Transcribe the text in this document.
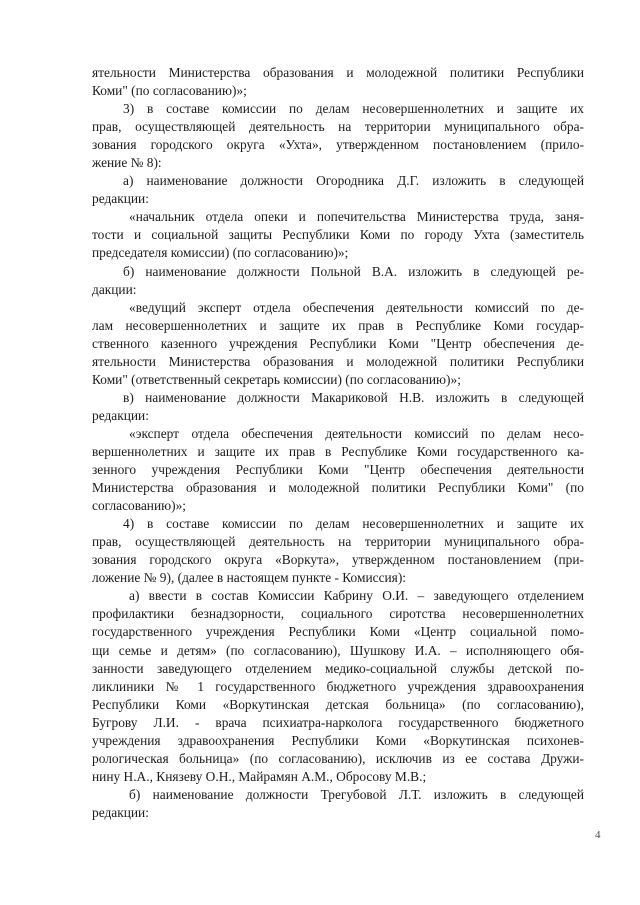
ятельности Министерства образования и молодежной политики Республики
Коми" (по согласованию)»;
3) в составе комиссии по делам несовершеннолетних и защите их
прав, осуществляющей деятельность на территории муниципального обра-
зования городского округа «Ухта», утвержденном постановлением (прило-
жение № 8):
а) наименование должности Огородника Д.Г. изложить в следующей
редакции:
«начальник отдела опеки и попечительства Министерства труда, заня-
тости и социальной защиты Республики Коми по городу Ухта (заместитель
председателя комиссии) (по согласованию)»;
б) наименование должности Польной В.А. изложить в следующей ре-
дакции:
«ведущий эксперт отдела обеспечения деятельности комиссий по де-
лам несовершеннолетних и защите их прав в Республике Коми государ-
ственного казенного учреждения Республики Коми "Центр обеспечения де-
ятельности Министерства образования и молодежной политики Республики
Коми" (ответственный секретарь комиссии) (по согласованию)»;
в) наименование должности Макариковой Н.В. изложить в следующей
редакции:
«эксперт отдела обеспечения деятельности комиссий по делам несо-
вершеннолетних и защите их прав в Республике Коми государственного ка-
зенного учреждения Республики Коми "Центр обеспечения деятельности
Министерства образования и молодежной политики Республики Коми" (по
согласованию)»;
4) в составе комиссии по делам несовершеннолетних и защите их
прав, осуществляющей деятельность на территории муниципального обра-
зования городского округа «Воркута», утвержденном постановлением (при-
ложение № 9), (далее в настоящем пункте - Комиссия):
а) ввести в состав Комиссии Кабрину О.И. – заведующего отделением
профилактики безнадзорности, социального сиротства несовершеннолетних
государственного учреждения Республики Коми «Центр социальной помо-
щи семье и детям» (по согласованию), Шушкову И.А. – исполняющего обя-
занности заведующего отделением медико-социальной службы детской по-
ликлиники № 1 государственного бюджетного учреждения здравоохранения
Республики Коми «Воркутинская детская больница» (по согласованию),
Бугрову Л.И. - врача психиатра-нарколога государственного бюджетного
учреждения здравоохранения Республики Коми «Воркутинская психонев-
рологическая больница» (по согласованию), исключив из ее состава Дружи-
нину Н.А., Князеву О.Н., Майрамян А.М., Обросову М.В.;
б) наименование должности Трегубовой Л.Т. изложить в следующей
редакции:
4
